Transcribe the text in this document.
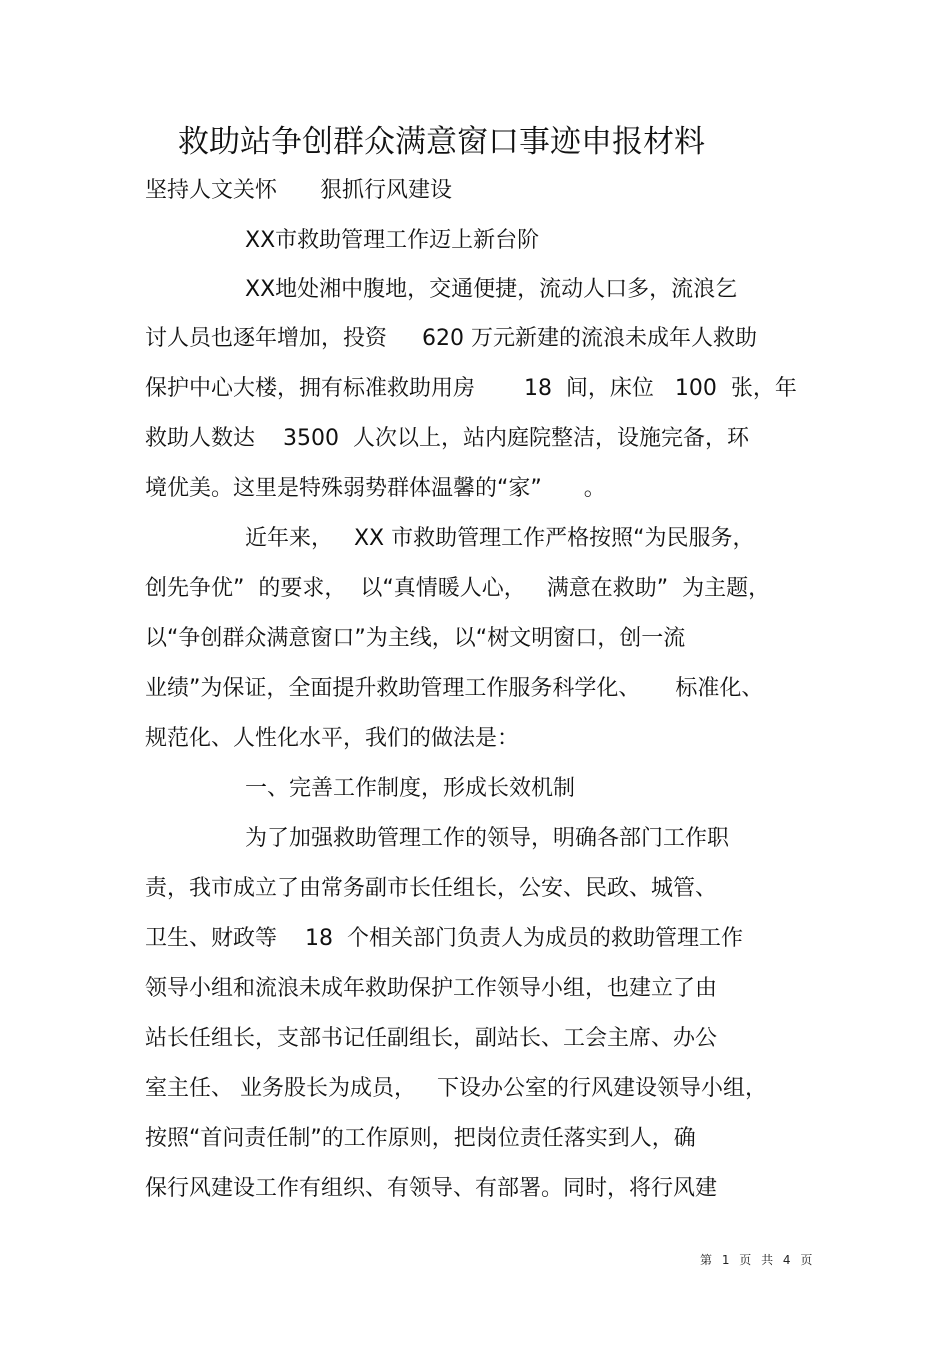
救助站争创群众满意窗口事迹申报材料
坚持人文关怀 狠抓行风建设
XX市救助管理工作迈上新台阶
XX地处湘中腹地，交通便捷，流动人口多，流浪乞
讨人员也逐年增加，投资     620 万元新建的流浪未成年人救助
保护中心大楼，拥有标准救助用房       18  间，床位   100  张，年
救助人数达    3500  人次以上，站内庭院整洁，设施完备，环
境优美。这里是特殊弱势群体温馨的“家”      。
近年来，   XX 市救助管理工作严格按照“为民服务，
创先争优”  的要求，  以“真情暖人心，   满意在救助”  为主题，
以“争创群众满意窗口”为主线，以“树文明窗口，创一流
业绩”为保证，全面提升救助管理工作服务科学化、     标准化、
规范化、人性化水平，我们的做法是：
一、完善工作制度，形成长效机制
为了加强救助管理工作的领导，明确各部门工作职
责，我市成立了由常务副市长任组长，公安、民政、城管、
卫生、财政等    18  个相关部门负责人为成员的救助管理工作
领导小组和流浪未成年救助保护工作领导小组，也建立了由
站长任组长，支部书记任副组长，副站长、工会主席、办公
室主任、 业务股长为成员，   下设办公室的行风建设领导小组，
按照“首问责任制”的工作原则，把岗位责任落实到人，确
保行风建设工作有组织、有领导、有部署。同时，将行风建
第 1 页 共 4 页
